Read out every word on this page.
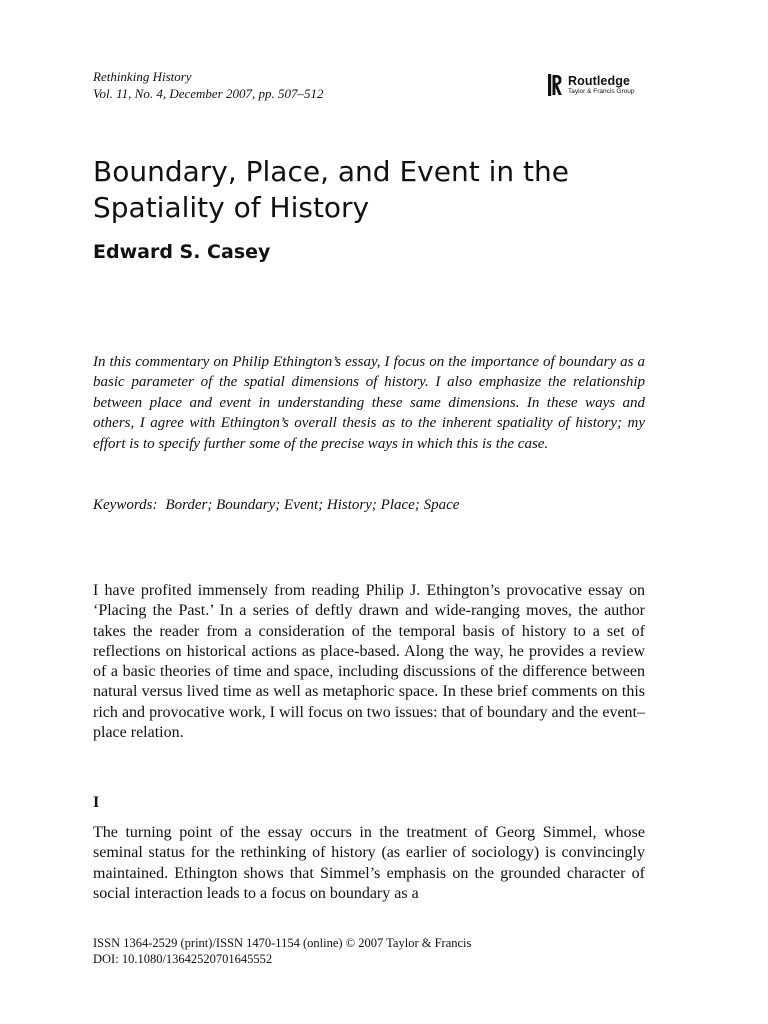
Rethinking History
Vol. 11, No. 4, December 2007, pp. 507–512
Routledge
Taylor & Francis Group
Boundary, Place, and Event in the Spatiality of History
Edward S. Casey

In this commentary on Philip Ethington’s essay, I focus on the importance of boundary as a basic parameter of the spatial dimensions of history. I also emphasize the relationship between place and event in understanding these same dimensions. In these ways and others, I agree with Ethington’s overall thesis as to the inherent spatiality of history; my effort is to specify further some of the precise ways in which this is the case.

Keywords: Border; Boundary; Event; History; Place; Space

I have profited immensely from reading Philip J. Ethington’s provocative essay on ‘Placing the Past.’ In a series of deftly drawn and wide-ranging moves, the author takes the reader from a consideration of the temporal basis of history to a set of reflections on historical actions as place-based. Along the way, he provides a review of a basic theories of time and space, including discussions of the difference between natural versus lived time as well as metaphoric space. In these brief comments on this rich and provocative work, I will focus on two issues: that of boundary and the event–place relation.

I

The turning point of the essay occurs in the treatment of Georg Simmel, whose seminal status for the rethinking of history (as earlier of sociology) is convincingly maintained. Ethington shows that Simmel’s emphasis on the grounded character of social interaction leads to a focus on boundary as a

ISSN 1364-2529 (print)/ISSN 1470-1154 (online) © 2007 Taylor & Francis
DOI: 10.1080/13642520701645552
